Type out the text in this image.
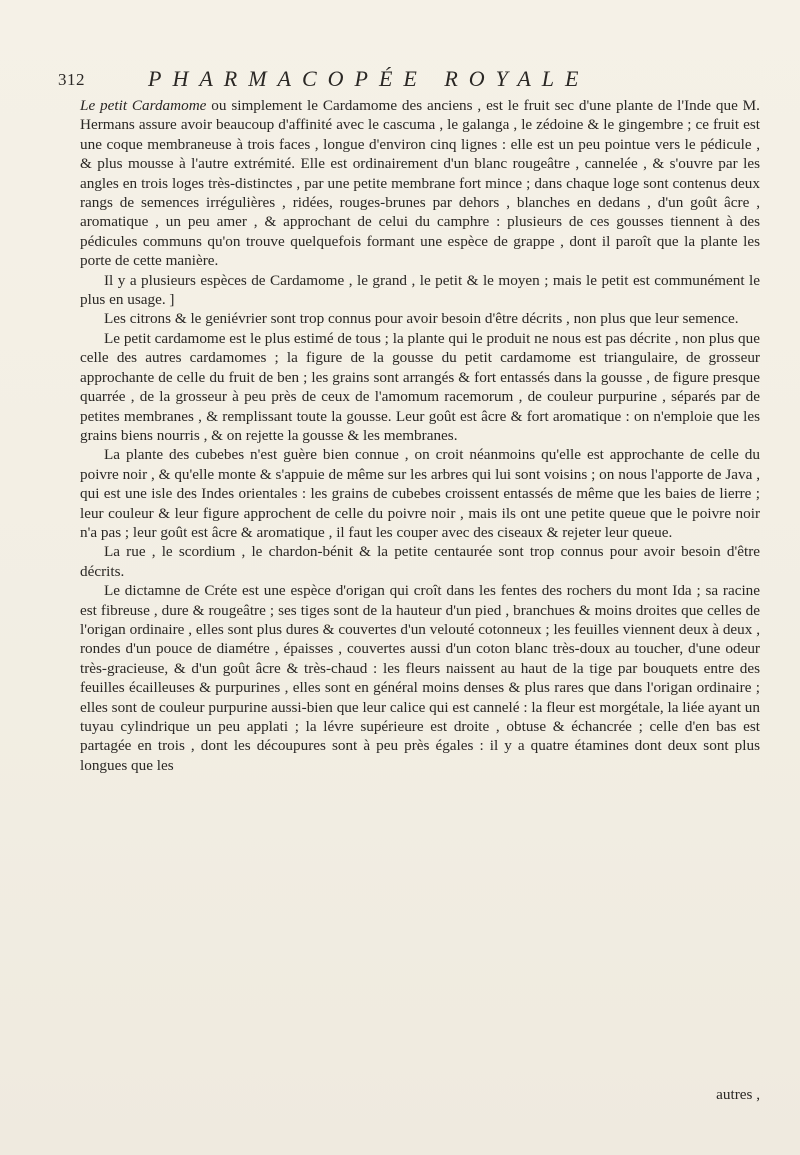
312	PHARMACOPÉE ROYALE

Le petit Cardamome ou simplement le Cardamome des anciens , est le fruit sec d'une plante de l'Inde que M. Hermans assure avoir beaucoup d'affinité avec le cascuma , le galanga , le zédoine & le gingembre ; ce fruit est une coque membraneuse à trois faces , longue d'environ cinq lignes : elle est un peu pointue vers le pédicule , & plus mousse à l'autre extrémité. Elle est ordinairement d'un blanc rougeâtre , cannelée , & s'ouvre par les angles en trois loges très-distinctes , par une petite membrane fort mince ; dans chaque loge sont contenus deux rangs de semences irrégulières , ridées, rouges-brunes par dehors , blanches en dedans , d'un goût âcre , aromatique , un peu amer , & approchant de celui du camphre : plusieurs de ces gousses tiennent à des pédicules communs qu'on trouve quelquefois formant une espèce de grappe , dont il paroît que la plante les porte de cette manière.

Il y a plusieurs espèces de Cardamome , le grand , le petit & le moyen ; mais le petit est communément le plus en usage. ]

Les citrons & le geniévrier sont trop connus pour avoir besoin d'être décrits , non plus que leur semence.

Le petit cardamome est le plus estimé de tous ; la plante qui le produit ne nous est pas décrite , non plus que celle des autres cardamomes ; la figure de la gousse du petit cardamome est triangulaire, de grosseur approchante de celle du fruit de ben ; les grains sont arrangés & fort entassés dans la gousse , de figure presque quarrée , de la grosseur à peu près de ceux de l'amomum racemorum , de couleur purpurine , séparés par de petites membranes , & remplissant toute la gousse. Leur goût est âcre & fort aromatique : on n'emploie que les grains biens nourris , & on rejette la gousse & les membranes.

La plante des cubebes n'est guère bien connue , on croit néanmoins qu'elle est approchante de celle du poivre noir , & qu'elle monte & s'appuie de même sur les arbres qui lui sont voisins ; on nous l'apporte de Java , qui est une isle des Indes orientales : les grains de cubebes croissent entassés de même que les baies de lierre ; leur couleur & leur figure approchent de celle du poivre noir , mais ils ont une petite queue que le poivre noir n'a pas ; leur goût est âcre & aromatique , il faut les couper avec des ciseaux & rejeter leur queue.

La rue , le scordium , le chardon-bénit & la petite centaurée sont trop connus pour avoir besoin d'être décrits.

Le dictamne de Créte est une espèce d'origan qui croît dans les fentes des rochers du mont Ida ; sa racine est fibreuse , dure & rougeâtre ; ses tiges sont de la hauteur d'un pied , branchues & moins droites que celles de l'origan ordinaire , elles sont plus dures & couvertes d'un velouté cotonneux ; les feuilles viennent deux à deux , rondes d'un pouce de diamétre , épaisses , couvertes aussi d'un coton blanc très-doux au toucher, d'une odeur très-gracieuse, & d'un goût âcre & très-chaud : les fleurs naissent au haut de la tige par bouquets entre des feuilles écailleuses & purpurines , elles sont en général moins denses & plus rares que dans l'origan ordinaire ; elles sont de couleur purpurine aussi-bien que leur calice qui est cannelé : la fleur est morgétale, la liée ayant un tuyau cylindrique un peu applati ; la lévre supérieure est droite , obtuse & échancrée ; celle d'en bas est partagée en trois , dont les découpures sont à peu près égales : il y a quatre étamines dont deux sont plus longues que les

autres ,
